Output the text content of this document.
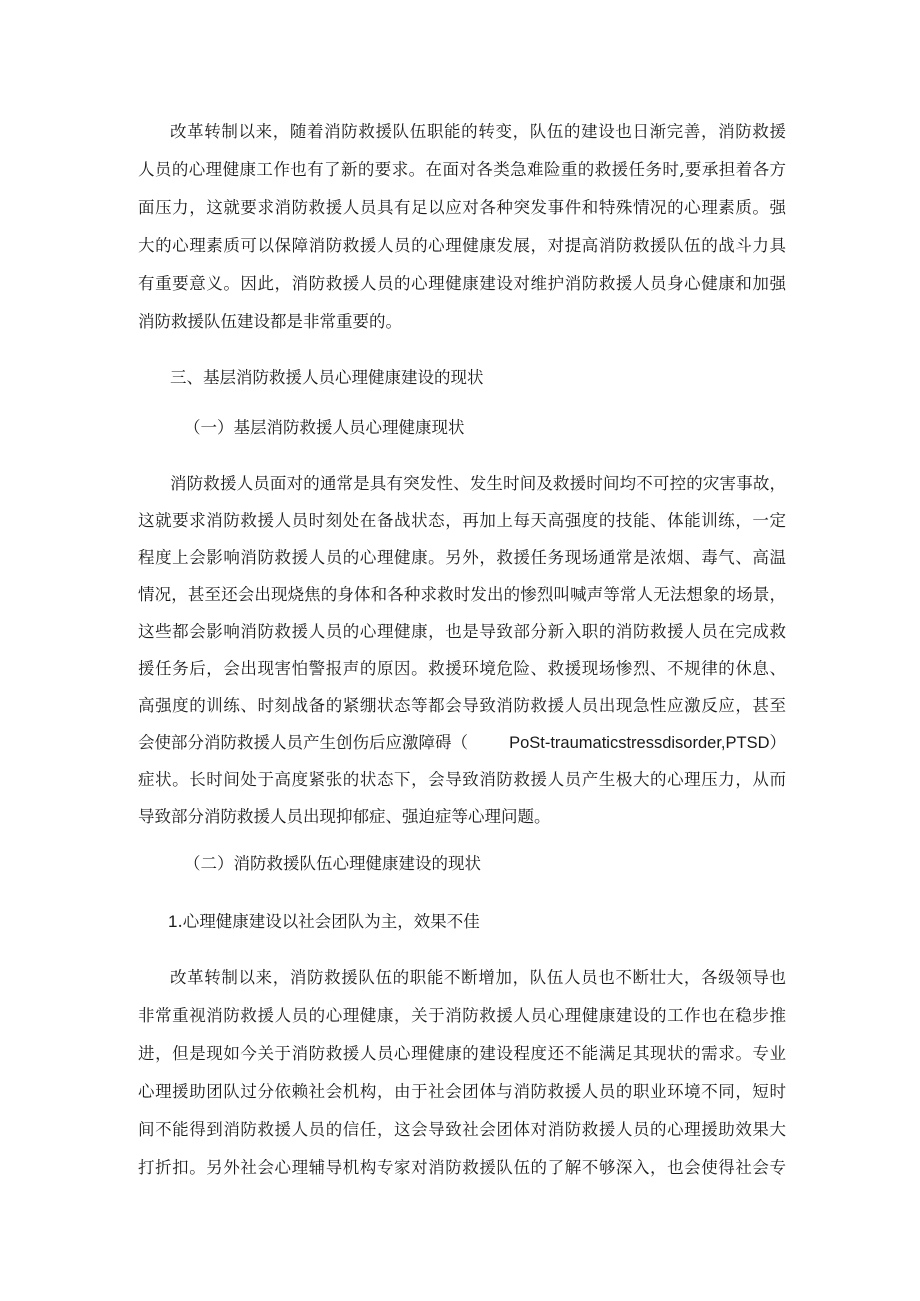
改革转制以来，随着消防救援队伍职能的转变，队伍的建设也日渐完善，消防救援
人员的心理健康工作也有了新的要求。在面对各类急难险重的救援任务时,要承担着各方
面压力，这就要求消防救援人员具有足以应对各种突发事件和特殊情况的心理素质。强
大的心理素质可以保障消防救援人员的心理健康发展，对提高消防救援队伍的战斗力具
有重要意义。因此，消防救援人员的心理健康建设对维护消防救援人员身心健康和加强
消防救援队伍建设都是非常重要的。
三、基层消防救援人员心理健康建设的现状
（一）基层消防救援人员心理健康现状
消防救援人员面对的通常是具有突发性、发生时间及救援时间均不可控的灾害事故，
这就要求消防救援人员时刻处在备战状态，再加上每天高强度的技能、体能训练，一定
程度上会影响消防救援人员的心理健康。另外，救援任务现场通常是浓烟、毒气、高温
情况，甚至还会出现烧焦的身体和各种求救时发出的惨烈叫喊声等常人无法想象的场景，
这些都会影响消防救援人员的心理健康，也是导致部分新入职的消防救援人员在完成救
援任务后，会出现害怕警报声的原因。救援环境危险、救援现场惨烈、不规律的休息、
高强度的训练、时刻战备的紧绷状态等都会导致消防救援人员出现急性应激反应，甚至
会使部分消防救援人员产生创伤后应激障碍（ PoSt-traumaticstressdisorder,PTSD）
症状。长时间处于高度紧张的状态下，会导致消防救援人员产生极大的心理压力，从而
导致部分消防救援人员出现抑郁症、强迫症等心理问题。
（二）消防救援队伍心理健康建设的现状
1.心理健康建设以社会团队为主，效果不佳
改革转制以来，消防救援队伍的职能不断增加，队伍人员也不断壮大，各级领导也
非常重视消防救援人员的心理健康，关于消防救援人员心理健康建设的工作也在稳步推
进，但是现如今关于消防救援人员心理健康的建设程度还不能满足其现状的需求。专业
心理援助团队过分依赖社会机构，由于社会团体与消防救援人员的职业环境不同，短时
间不能得到消防救援人员的信任，这会导致社会团体对消防救援人员的心理援助效果大
打折扣。另外社会心理辅导机构专家对消防救援队伍的了解不够深入，也会使得社会专
